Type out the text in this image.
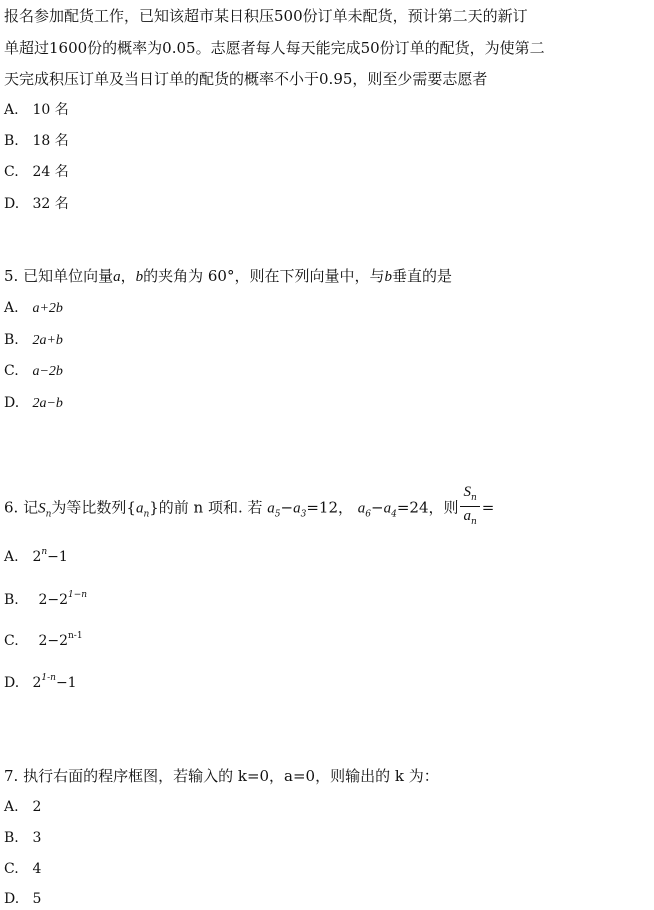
报名参加配货工作，已知该超市某日积压500份订单未配货，预计第二天的新订
单超过1600份的概率为0.05。志愿者每人每天能完成50份订单的配货，为使第二
天完成积压订单及当日订单的配货的概率不小于0.95，则至少需要志愿者
A. 10 名
B. 18 名
C. 24 名
D. 32 名
5. 已知单位向量a，b的夹角为 60°，则在下列向量中，与b垂直的是
A. a+2b
B. 2a+b
C. a−2b
D. 2a−b
6. 记$S_n$为等比数列$\{a_n\}$的前 n 项和. 若 $a_5-a_3=12$， $a_6-a_4=24$，则 $\frac{S_n}{a_n}$ =
A. $2^n-1$
B. $2-2^{1-n}$
C. $2-2^{n-1}$
D. $2^{1-n}-1$
7. 执行右面的程序框图，若输入的 k=0，a=0，则输出的 k 为：
A. 2
B. 3
C. 4
D. 5
